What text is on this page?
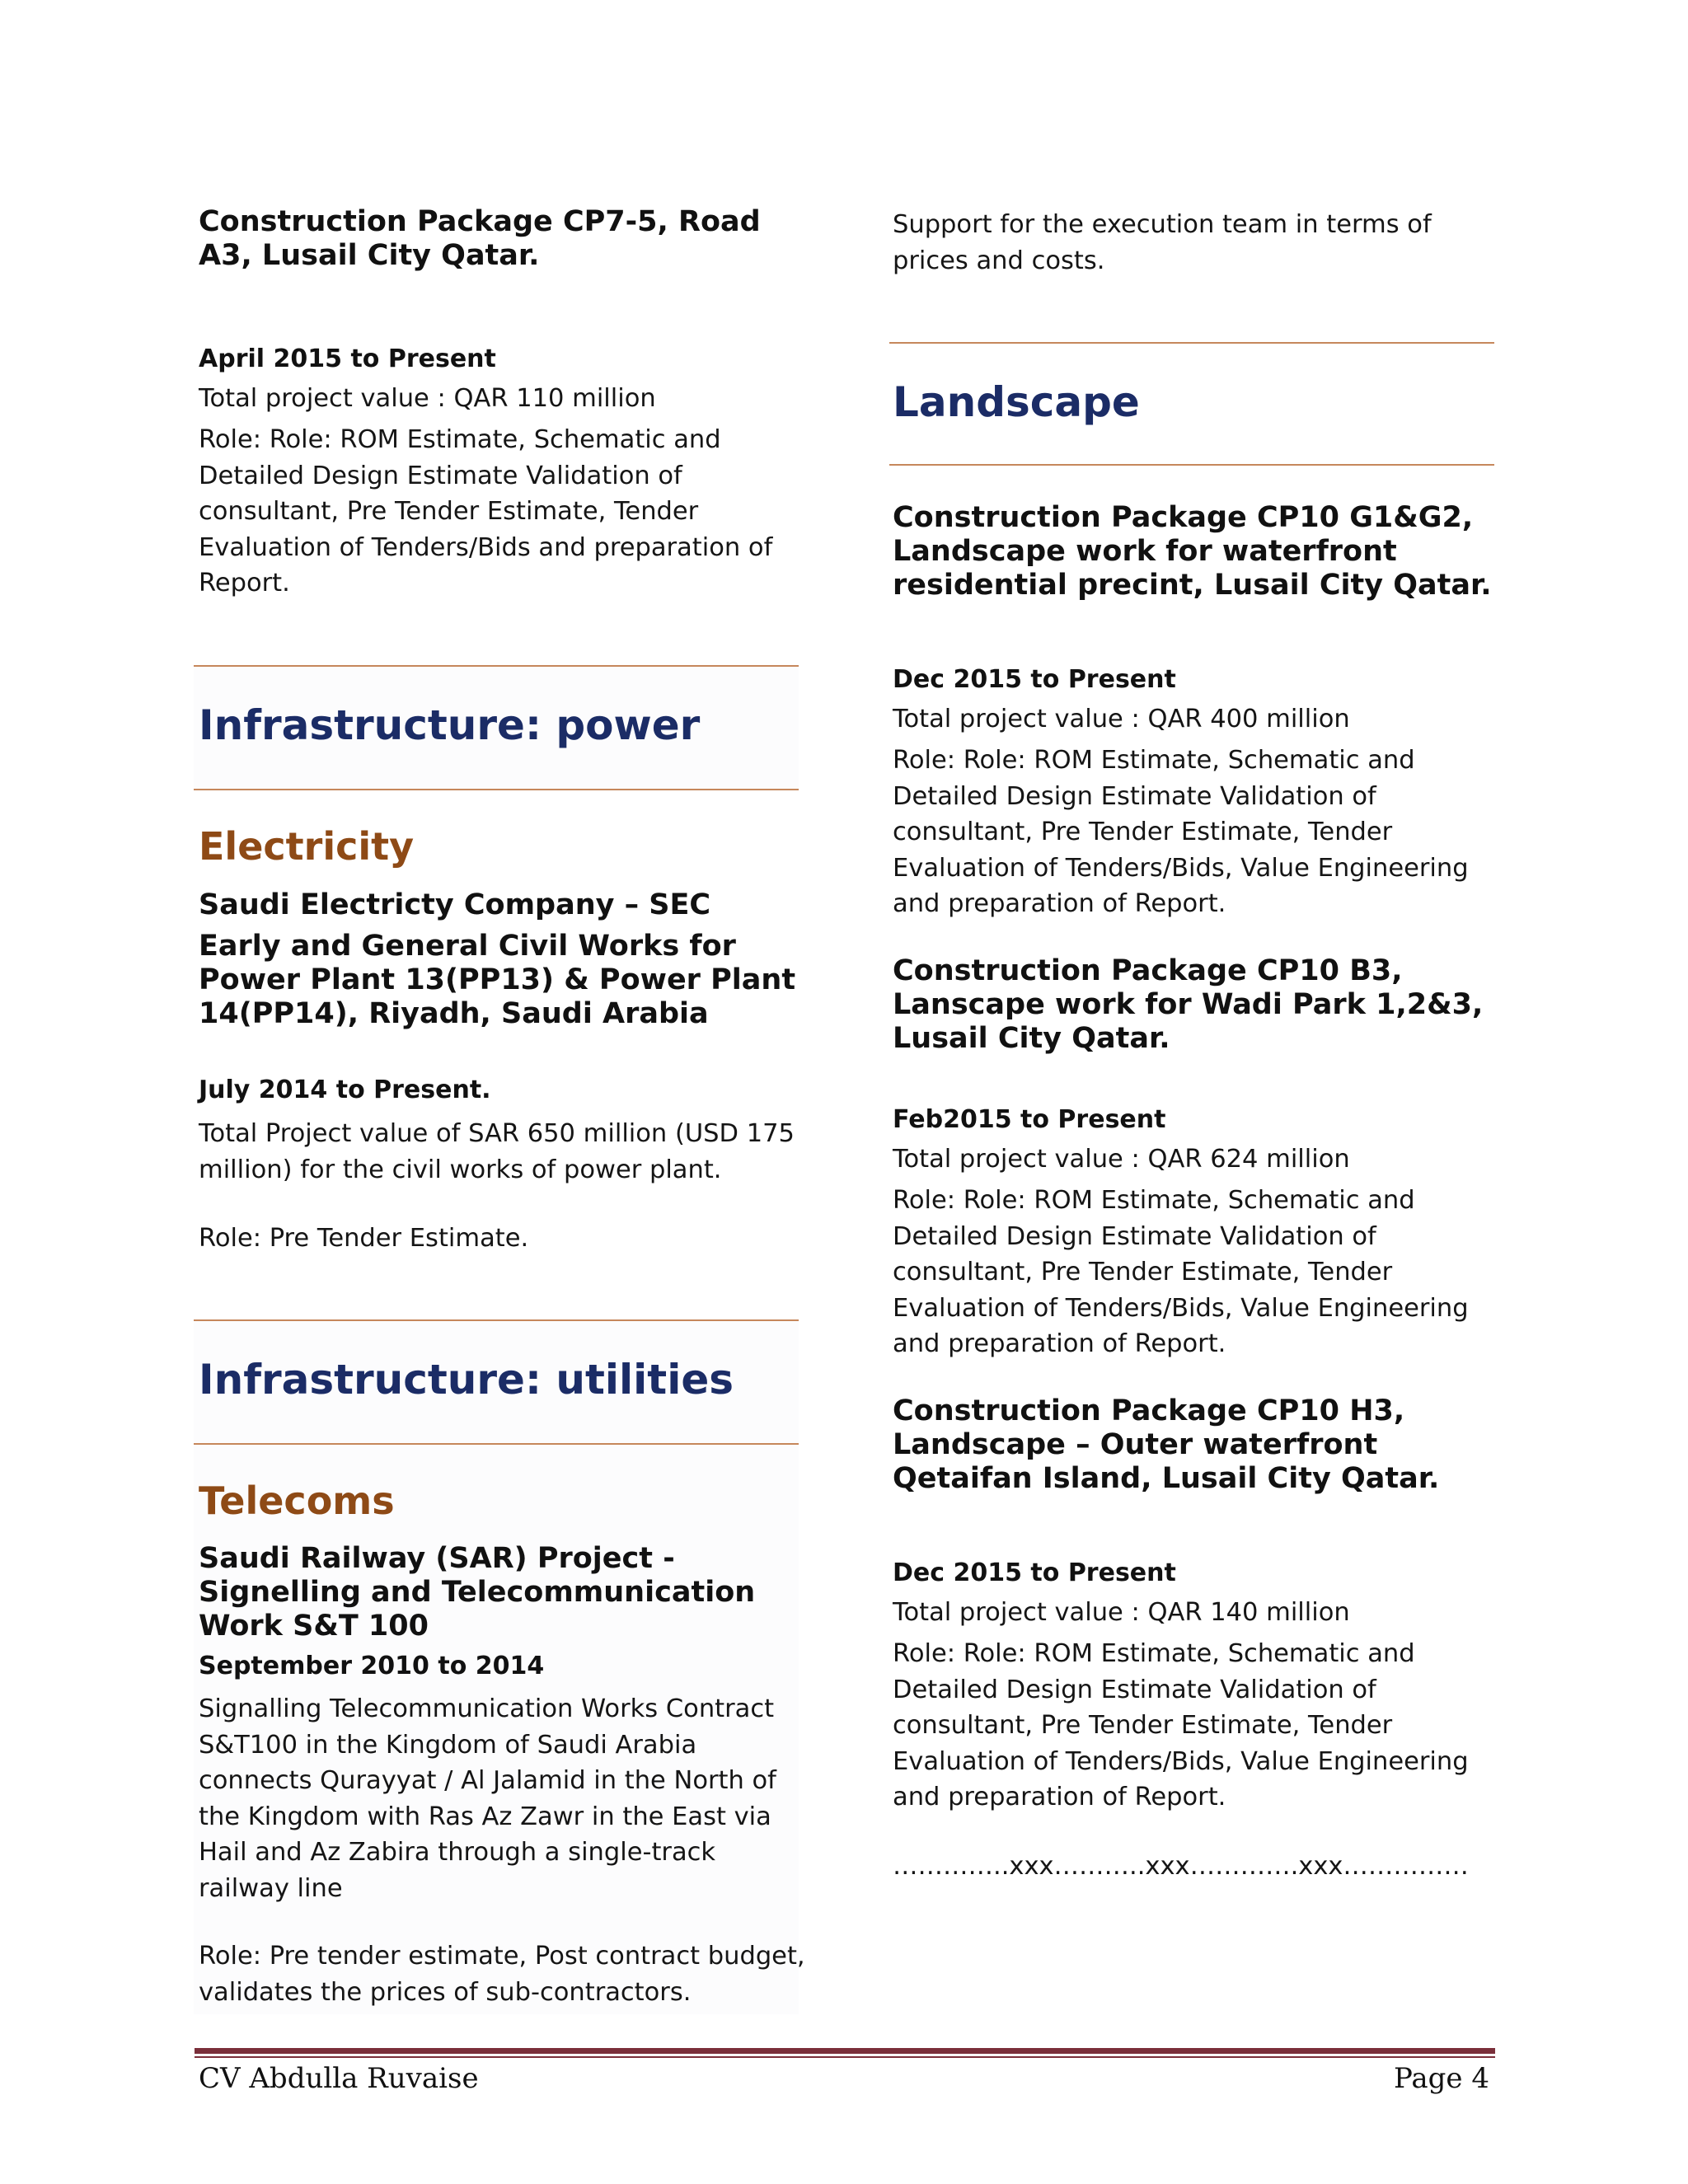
Construction Package CP7-5, Road A3, Lusail City Qatar.
April 2015 to Present

Total project value : QAR 110 million

Role: Role: ROM Estimate, Schematic and Detailed Design Estimate Validation of consultant, Pre Tender Estimate, Tender Evaluation of Tenders/Bids and preparation of Report.

Infrastructure: power
Electricity
Saudi Electricty Company – SEC
Early and General Civil Works for Power Plant 13(PP13) & Power Plant 14(PP14), Riyadh, Saudi Arabia
July 2014 to Present.

Total Project value of SAR 650 million (USD 175 million) for the civil works of power plant.

Role: Pre Tender Estimate.

Infrastructure: utilities
Telecoms
Saudi Railway (SAR) Project - Signelling and Telecommunication Work S&T 100
September 2010 to 2014

Signalling Telecommunication Works Contract S&T100 in the Kingdom of Saudi Arabia connects Qurayyat / Al Jalamid in the North of the Kingdom with Ras Az Zawr in the East via Hail and Az Zabira through a single-track railway line

Role: Pre tender estimate, Post contract budget, validates the prices of sub-contractors.

Support for the execution team in terms of prices and costs.

Landscape
Construction Package CP10 G1&G2, Landscape work for waterfront residential precint, Lusail City Qatar.
Dec 2015 to Present

Total project value : QAR 400 million

Role: Role: ROM Estimate, Schematic and Detailed Design Estimate Validation of consultant, Pre Tender Estimate, Tender Evaluation of Tenders/Bids, Value Engineering and preparation of Report.

Construction Package CP10 B3, Lanscape work for Wadi Park 1,2&3, Lusail City Qatar.
Feb2015 to Present

Total project value : QAR 624 million

Role: Role: ROM Estimate, Schematic and Detailed Design Estimate Validation of consultant, Pre Tender Estimate, Tender Evaluation of Tenders/Bids, Value Engineering and preparation of Report.

Construction Package CP10 H3, Landscape – Outer waterfront Qetaifan Island, Lusail City Qatar.
Dec 2015 to Present

Total project value : QAR 140 million

Role: Role: ROM Estimate, Schematic and Detailed Design Estimate Validation of consultant, Pre Tender Estimate, Tender Evaluation of Tenders/Bids, Value Engineering and preparation of Report.

…………..xxx………..xxx………….xxx……………

CV Abdulla Ruvaise	Page 4
